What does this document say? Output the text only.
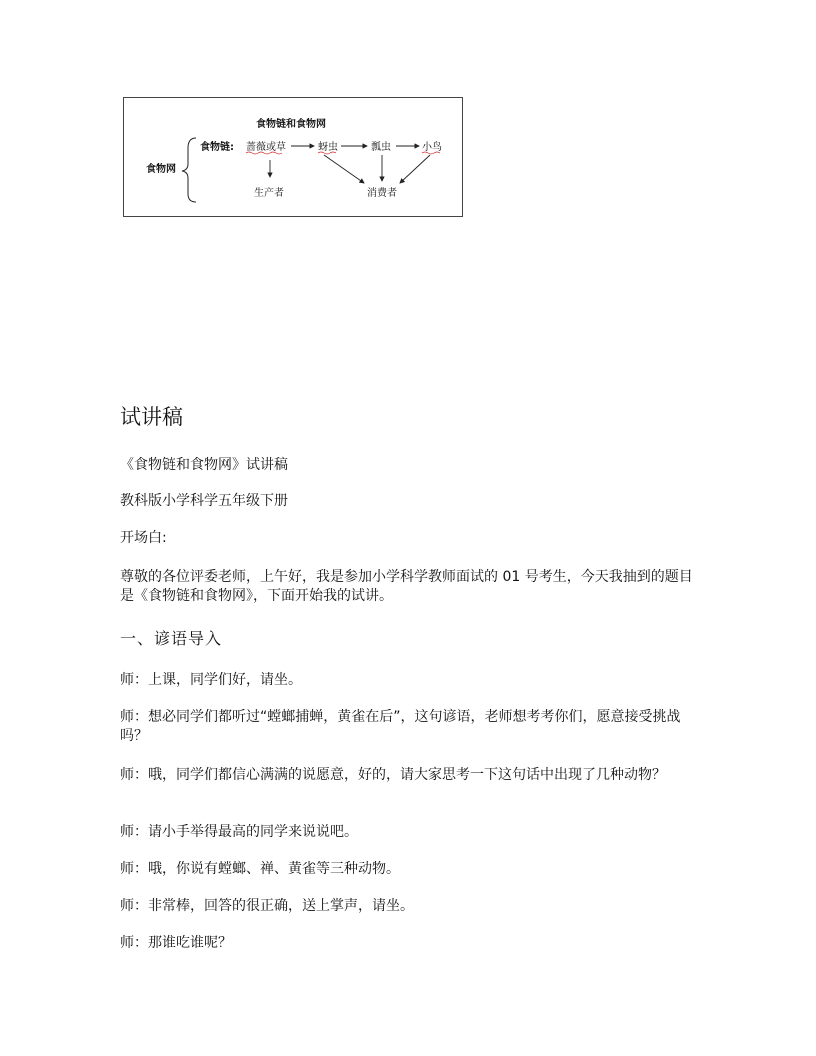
食物链和食物网
食物网
食物链: 蔷薇或草	蚜虫	瓢虫	小鸟
生产者	消费者
试讲稿

《食物链和食物网》试讲稿

教科版小学科学五年级下册

开场白:

尊敬的各位评委老师，上午好，我是参加小学科学教师面试的 01 号考生，今天我抽到的题目是《食物链和食物网》，下面开始我的试讲。

一、谚语导入

师：上课，同学们好，请坐。

师：想必同学们都听过“螳螂捕蝉，黄雀在后”，这句谚语，老师想考考你们，愿意接受挑战吗？

师：哦，同学们都信心满满的说愿意，好的，请大家思考一下这句话中出现了几种动物？

师：请小手举得最高的同学来说说吧。

师：哦，你说有螳螂、禅、黄雀等三种动物。

师：非常棒，回答的很正确，送上掌声，请坐。

师：那谁吃谁呢？
